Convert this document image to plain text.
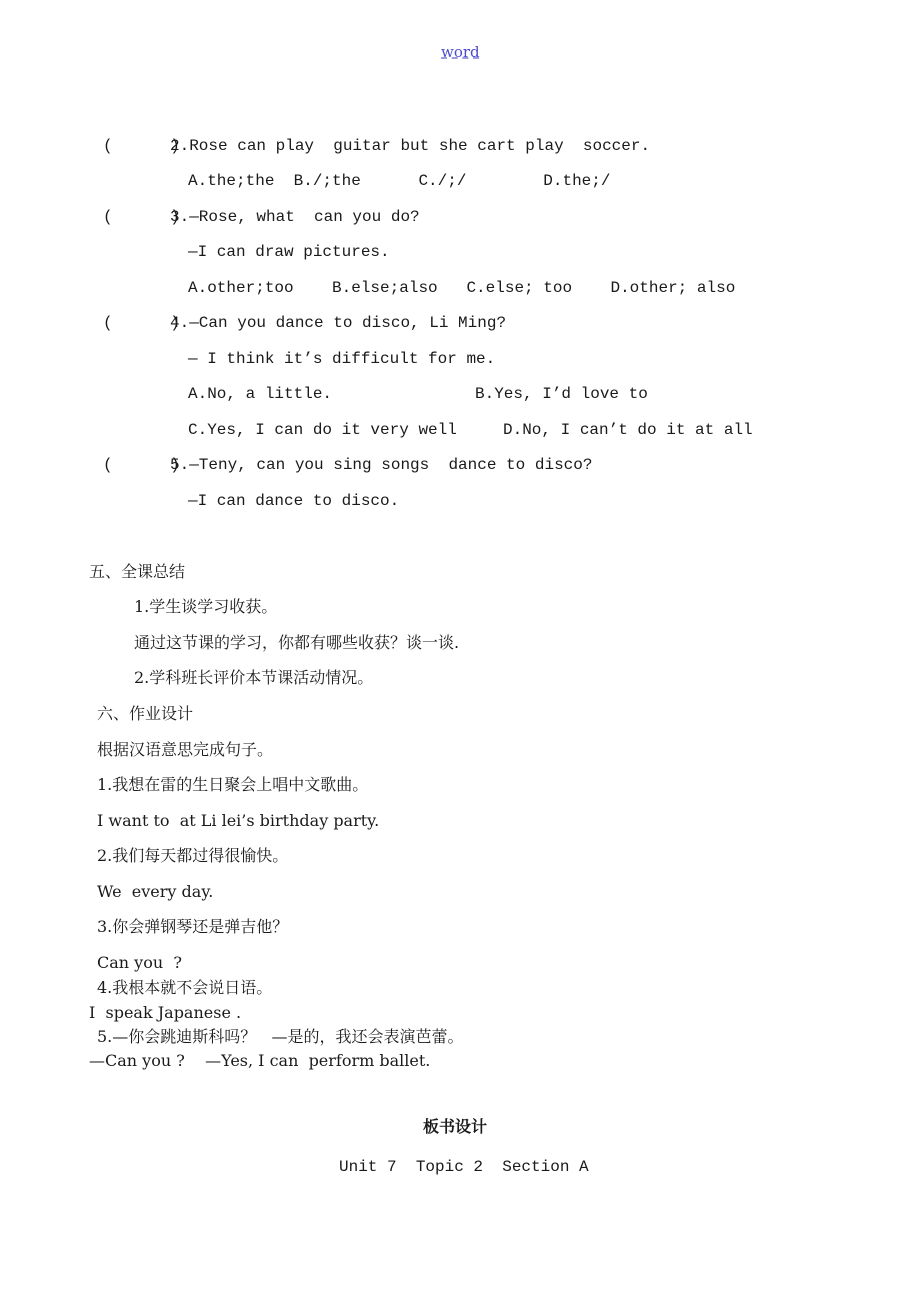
word
(      )
2.Rose can play  guitar but she cart play  soccer.
A.the;the  B./;the      C./;/        D.the;/
(      )
3.—Rose, what  can you do?
—I can draw pictures.
A.other;too    B.else;also   C.else; too    D.other; also
(      )
4.—Can you dance to disco, Li Ming?
— I think it’s difficult for me.
A.No, a little.	B.Yes, I’d love to
C.Yes, I can do it very well	D.No, I can’t do it at all
(      )
5.—Teny, can you sing songs  dance to disco?
—I can dance to disco.
五、全课总结
1.学生谈学习收获。
通过这节课的学习，你都有哪些收获？谈一谈.
2.学科班长评价本节课活动情况。
六、作业设计
根据汉语意思完成句子。
1.我想在雷的生日聚会上唱中文歌曲。
I want to  at Li lei’s birthday party.
2.我们每天都过得很愉快。
We  every day.
3.你会弹钢琴还是弹吉他？
Can you  ?
4.我根本就不会说日语。
I  speak Japanese .
5.—你会跳迪斯科吗？   —是的，我还会表演芭蕾。
—Can you ?    —Yes, I can  perform ballet.
板书设计
Unit 7  Topic 2  Section A
